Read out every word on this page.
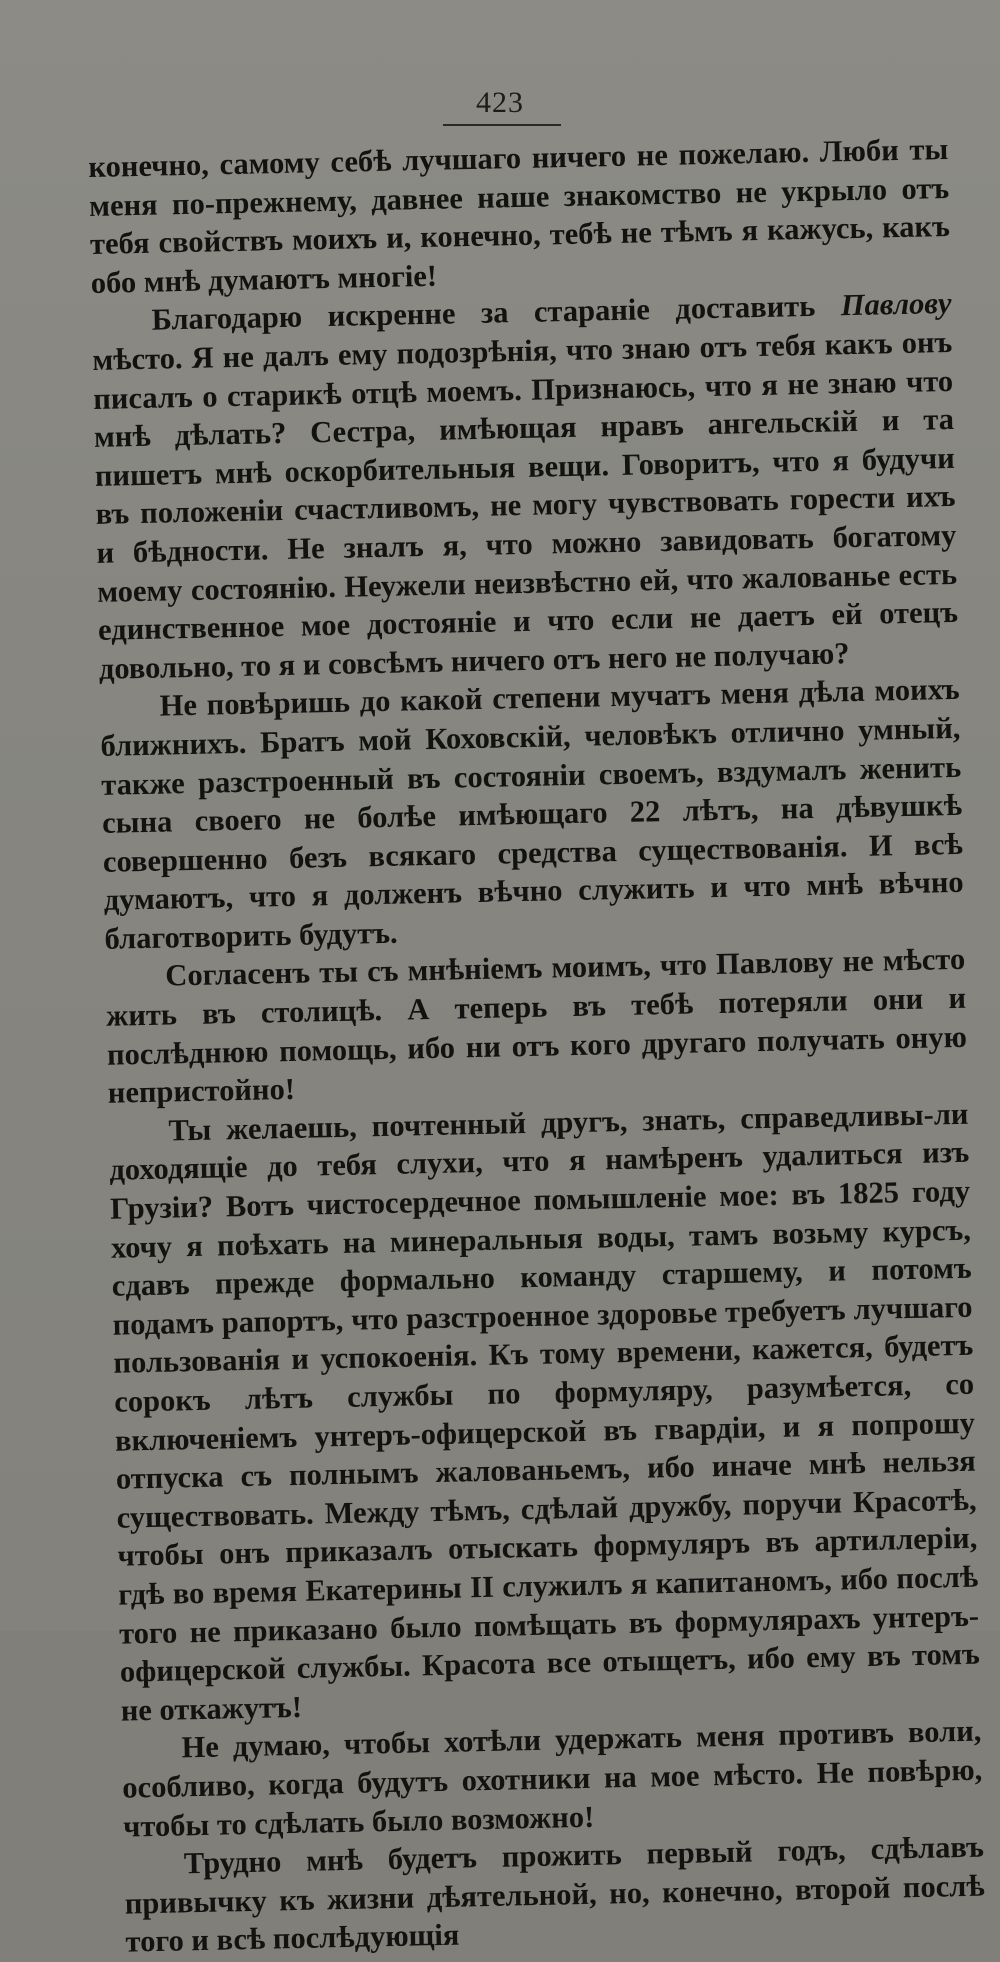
423

конечно, самому себѣ лучшаго ничего не пожелаю. Люби ты меня по-прежнему, давнее наше знакомство не укрыло отъ тебя свойствъ моихъ и, конечно, тебѣ не тѣмъ я кажусь, какъ обо мнѣ думаютъ многіе!

Благодарю искренне за стараніе доставить Павлову мѣсто. Я не далъ ему подозрѣнія, что знаю отъ тебя какъ онъ писалъ о старикѣ отцѣ моемъ. Признаюсь, что я не знаю что мнѣ дѣлать? Сестра, имѣющая нравъ ангельскій и та пишетъ мнѣ оскорбительныя вещи. Говоритъ, что я будучи въ положеніи счастливомъ, не могу чувствовать горести ихъ и бѣдности. Не зналъ я, что можно завидовать богатому моему состоянію. Неужели неизвѣстно ей, что жалованье есть единственное мое достояніе и что если не даетъ ей отецъ довольно, то я и совсѣмъ ничего отъ него не получаю?

Не повѣришь до какой степени мучатъ меня дѣла моихъ ближнихъ. Братъ мой Коховскій, человѣкъ отлично умный, также разстроенный въ состояніи своемъ, вздумалъ женить сына своего не болѣе имѣющаго 22 лѣтъ, на дѣвушкѣ совершенно безъ всякаго средства существованія. И всѣ думаютъ, что я долженъ вѣчно служить и что мнѣ вѣчно благотворить будутъ.

Согласенъ ты съ мнѣніемъ моимъ, что Павлову не мѣсто жить въ столицѣ. А теперь въ тебѣ потеряли они и послѣднюю помощь, ибо ни отъ кого другаго получать оную непристойно!

Ты желаешь, почтенный другъ, знать, справедливы-ли доходящіе до тебя слухи, что я намѣренъ удалиться изъ Грузіи? Вотъ чистосердечное помышленіе мое: въ 1825 году хочу я поѣхать на минеральныя воды, тамъ возьму курсъ, сдавъ прежде формально команду старшему, и потомъ подамъ рапортъ, что разстроенное здоровье требуетъ лучшаго пользованія и успокоенія. Къ тому времени, кажется, будетъ сорокъ лѣтъ службы по формуляру, разумѣется, со включеніемъ унтеръ-офицерской въ гвардіи, и я попрошу отпуска съ полнымъ жалованьемъ, ибо иначе мнѣ нельзя существовать. Между тѣмъ, сдѣлай дружбу, поручи Красотѣ, чтобы онъ приказалъ отыскать формуляръ въ артиллеріи, гдѣ во время Екатерины II служилъ я капитаномъ, ибо послѣ того не приказано было помѣщать въ формулярахъ унтеръ-офицерской службы. Красота все отыщетъ, ибо ему въ томъ не откажутъ!

Не думаю, чтобы хотѣли удержать меня противъ воли, особливо, когда будутъ охотники на мое мѣсто. Не повѣрю, чтобы то сдѣлать было возможно!

Трудно мнѣ будетъ прожить первый годъ, сдѣлавъ привычку къ жизни дѣятельной, но, конечно, второй послѣ того и всѣ послѣдующія
